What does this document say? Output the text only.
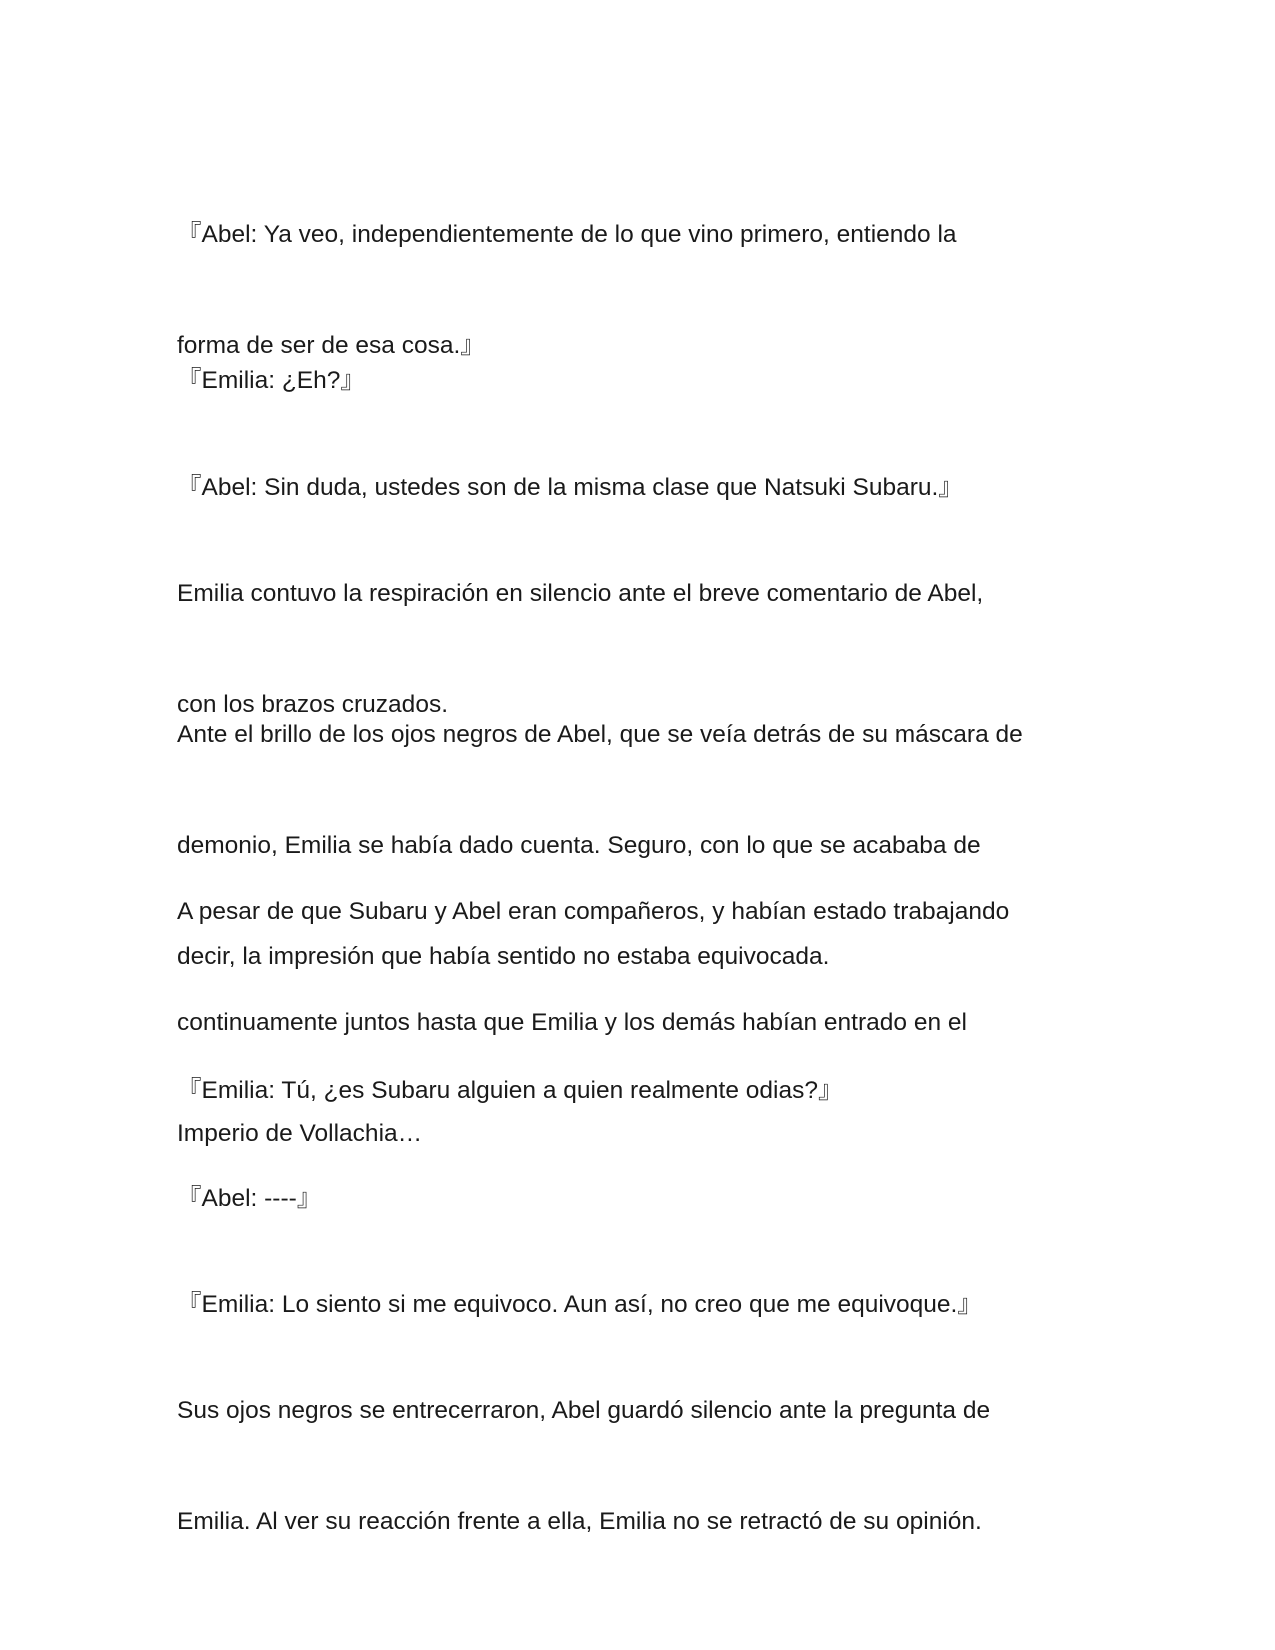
『Abel: Ya veo, independientemente de lo que vino primero, entiendo la

forma de ser de esa cosa.』

『Emilia: ¿Eh?』

『Abel: Sin duda, ustedes son de la misma clase que Natsuki Subaru.』

Emilia contuvo la respiración en silencio ante el breve comentario de Abel,

con los brazos cruzados.

Ante el brillo de los ojos negros de Abel, que se veía detrás de su máscara de

demonio, Emilia se había dado cuenta. Seguro, con lo que se acababa de

decir, la impresión que había sentido no estaba equivocada.

A pesar de que Subaru y Abel eran compañeros, y habían estado trabajando

continuamente juntos hasta que Emilia y los demás habían entrado en el

Imperio de Vollachia…

『Emilia: Tú, ¿es Subaru alguien a quien realmente odias?』

『Abel: ----』

『Emilia: Lo siento si me equivoco. Aun así, no creo que me equivoque.』

Sus ojos negros se entrecerraron, Abel guardó silencio ante la pregunta de

Emilia. Al ver su reacción frente a ella, Emilia no se retractó de su opinión.
